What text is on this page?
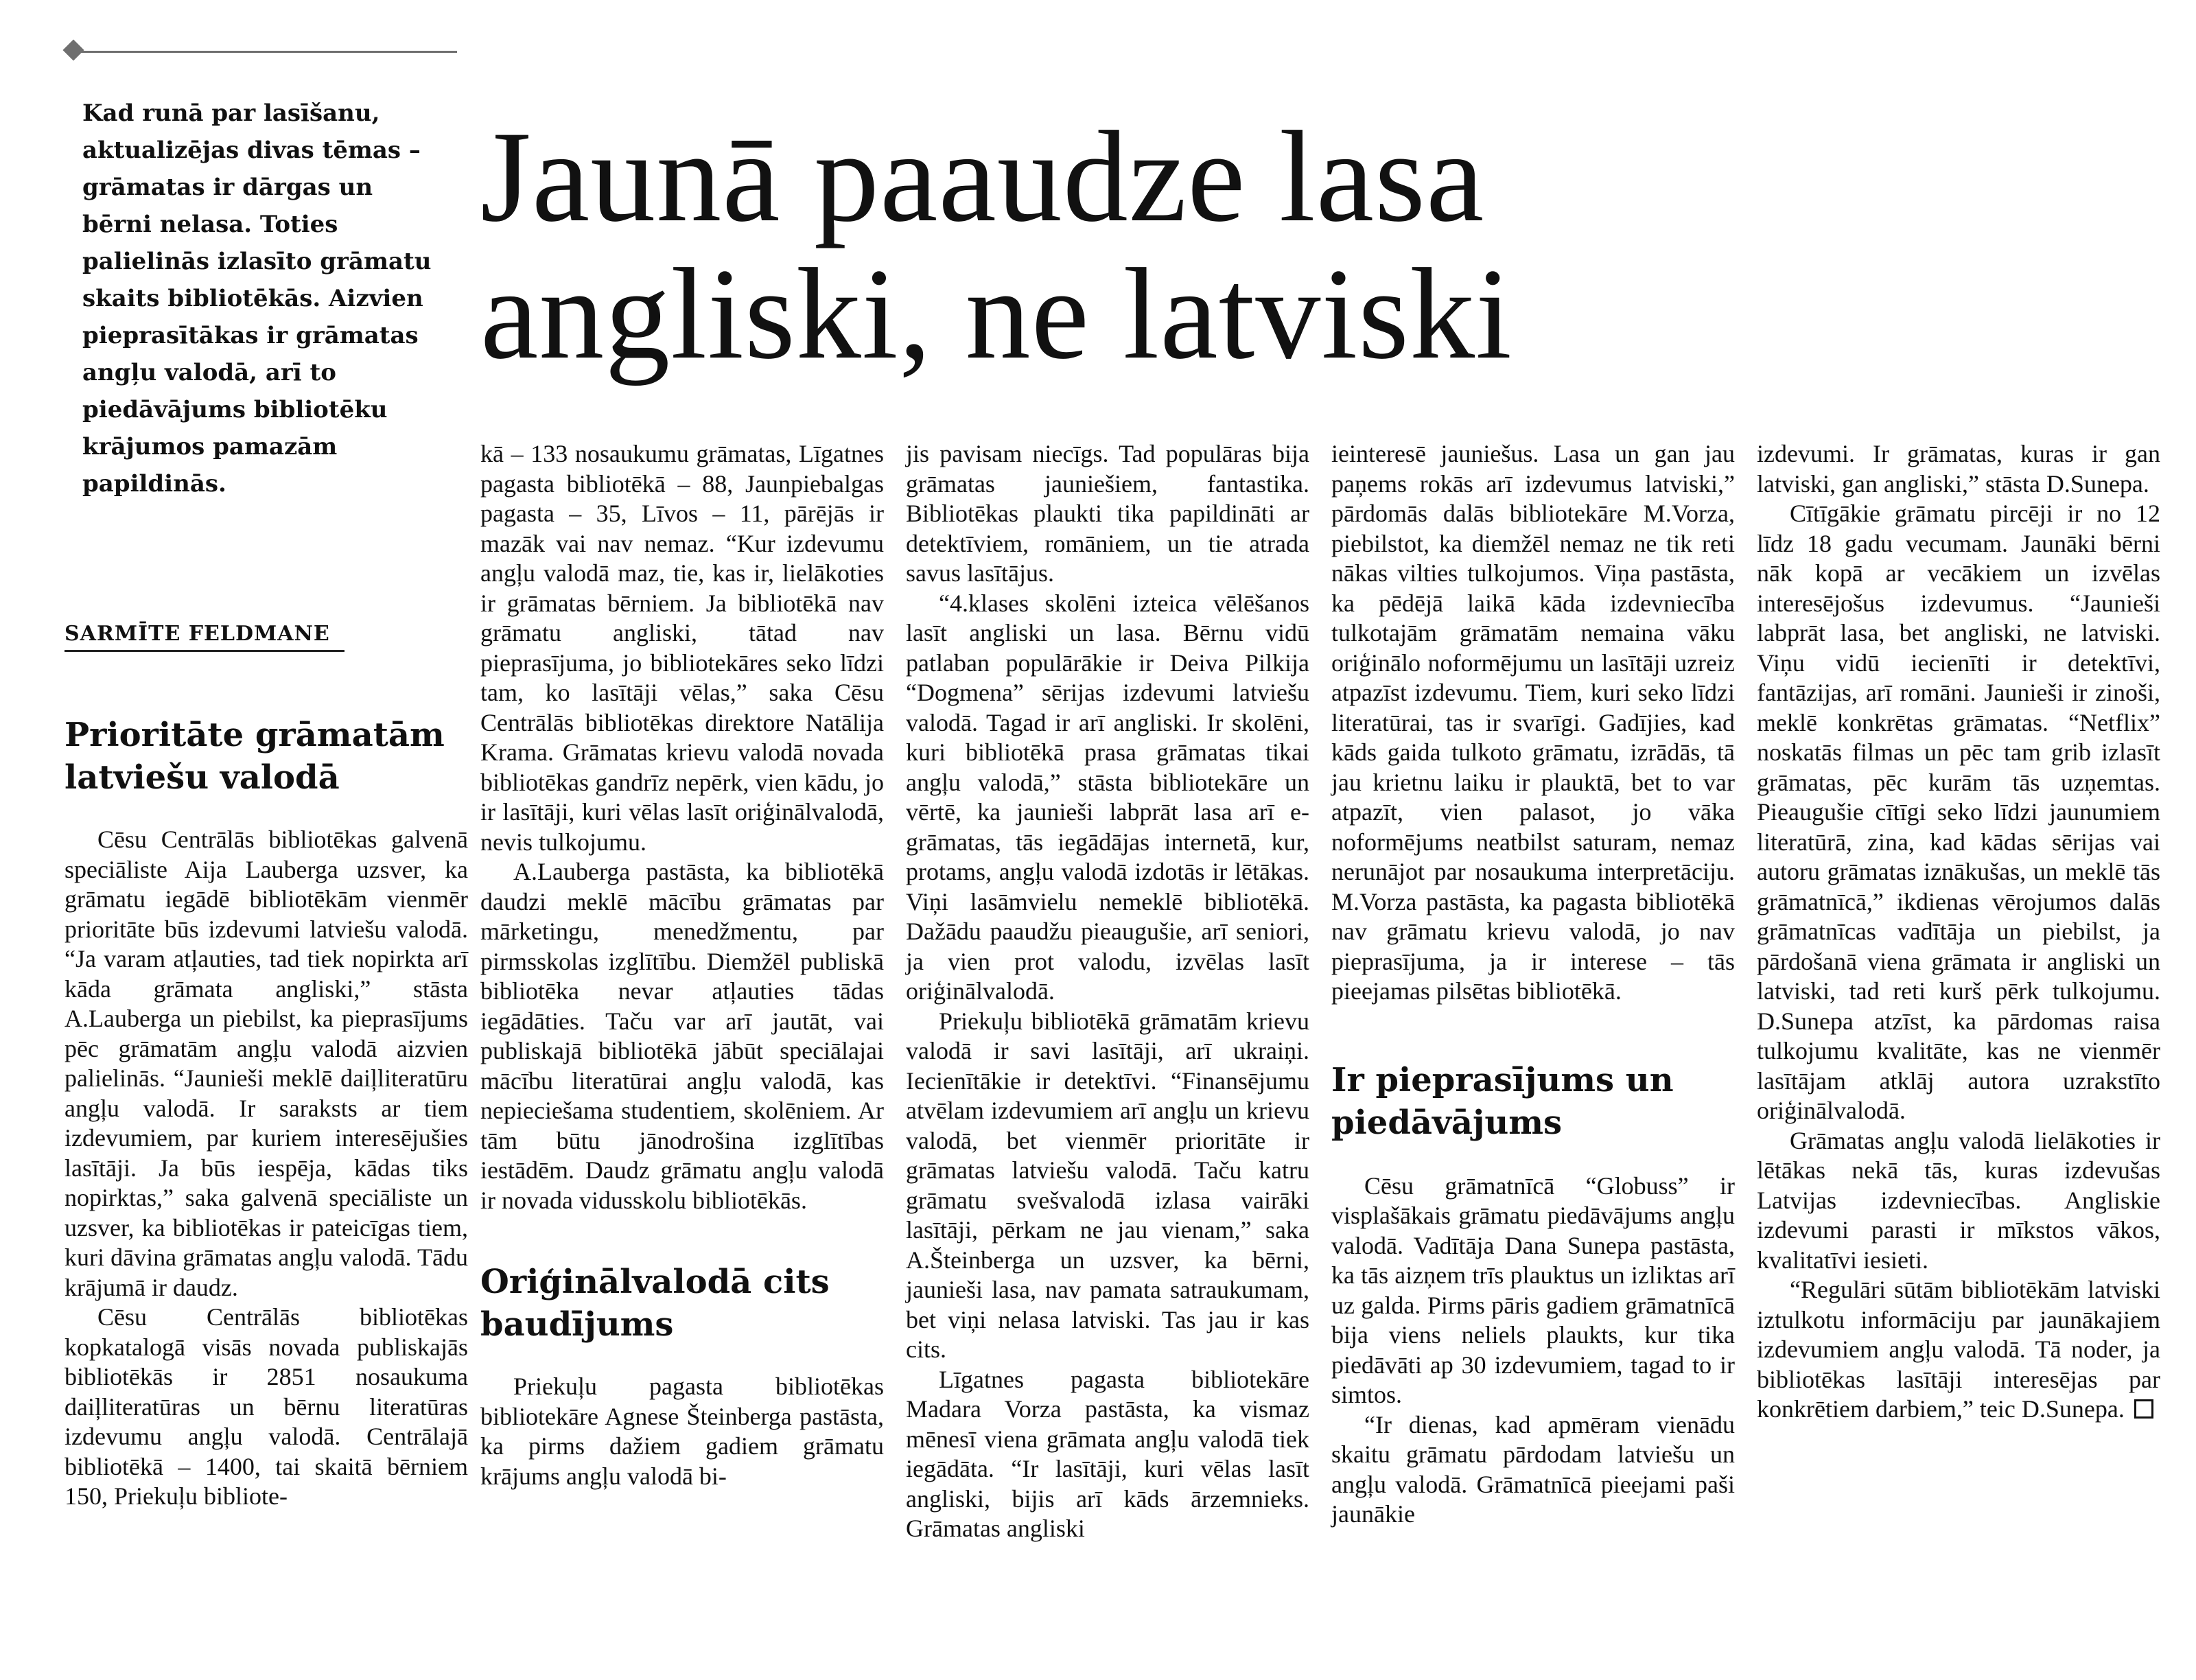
Kad runā par lasīšanu, aktualizējas divas tēmas – grāmatas ir dārgas un bērni nelasa. Toties palielinās izlasīto grāmatu skaits bibliotēkās. Aizvien pieprasītākas ir grāmatas angļu valodā, arī to piedāvājums bibliotēku krājumos pamazām papildinās.

Jaunā paaudze lasa
angliski, ne latviski
SARMĪTE FELDMANE
Prioritāte grāmatām latviešu valodā

Cēsu Centrālās bibliotēkas galvenā speciāliste Aija Lauberga uzsver, ka grāmatu iegādē bibliotēkām vienmēr prioritāte būs izdevumi latviešu valodā. “Ja varam atļauties, tad tiek nopirkta arī kāda grāmata angliski,” stāsta A.Lauberga un piebilst, ka pieprasījums pēc grāmatām angļu valodā aizvien palielinās. “Jaunieši meklē daiļliteratūru angļu valodā. Ir saraksts ar tiem izdevumiem, par kuriem interesējušies lasītāji. Ja būs iespēja, kādas tiks nopirktas,” saka galvenā speciāliste un uzsver, ka bibliotēkas ir pateicīgas tiem, kuri dāvina grāmatas angļu valodā. Tādu krājumā ir daudz.

Cēsu Centrālās bibliotēkas kopkatalogā visās novada publiskajās bibliotēkās ir 2851 nosaukuma daiļliteratūras un bērnu literatūras izdevumu angļu valodā. Centrālajā bibliotēkā – 1400, tai skaitā bērniem 150, Priekuļu bibliote-

kā – 133 nosaukumu grāmatas, Līgatnes pagasta bibliotēkā – 88, Jaunpiebalgas pagasta – 35, Līvos – 11, pārējās ir mazāk vai nav nemaz. “Kur izdevumu angļu valodā maz, tie, kas ir, lielākoties ir grāmatas bērniem. Ja bibliotēkā nav grāmatu angliski, tātad nav pieprasījuma, jo bibliotekāres seko līdzi tam, ko lasītāji vēlas,” saka Cēsu Centrālās bibliotēkas direktore Natālija Krama. Grāmatas krievu valodā novada bibliotēkas gandrīz nepērk, vien kādu, jo ir lasītāji, kuri vēlas lasīt oriģinālvalodā, nevis tulkojumu.

A.Lauberga pastāsta, ka bibliotēkā daudzi meklē mācību grāmatas par mārketingu, menedžmentu, par pirmsskolas izglītību. Diemžēl publiskā bibliotēka nevar atļauties tādas iegādāties. Taču var arī jautāt, vai publiskajā bibliotēkā jābūt speciālajai mācību literatūrai angļu valodā, kas nepieciešama studentiem, skolēniem. Ar tām būtu jānodrošina izglītības iestādēm. Daudz grāmatu angļu valodā ir novada vidusskolu bibliotēkās.

Oriģinālvalodā cits baudījums

Priekuļu pagasta bibliotēkas bibliotekāre Agnese Šteinberga pastāsta, ka pirms dažiem gadiem grāmatu krājums angļu valodā bi-

jis pavisam niecīgs. Tad populāras bija grāmatas jauniešiem, fantastika. Bibliotēkas plaukti tika papildināti ar detektīviem, romāniem, un tie atrada savus lasītājus.

“4.klases skolēni izteica vēlēšanos lasīt angliski un lasa. Bērnu vidū patlaban populārākie ir Deiva Pilkija “Dogmena” sērijas izdevumi latviešu valodā. Tagad ir arī angliski. Ir skolēni, kuri bibliotēkā prasa grāmatas tikai angļu valodā,” stāsta bibliotekāre un vērtē, ka jaunieši labprāt lasa arī e-grāmatas, tās iegādājas internetā, kur, protams, angļu valodā izdotās ir lētākas. Viņi lasāmvielu nemeklē bibliotēkā. Dažādu paaudžu pieaugušie, arī seniori, ja vien prot valodu, izvēlas lasīt oriģinālvalodā.

Priekuļu bibliotēkā grāmatām krievu valodā ir savi lasītāji, arī ukraiņi. Iecienītākie ir detektīvi. “Finansējumu atvēlam izdevumiem arī angļu un krievu valodā, bet vienmēr prioritāte ir grāmatas latviešu valodā. Taču katru grāmatu svešvalodā izlasa vairāki lasītāji, pērkam ne jau vienam,” saka A.Šteinberga un uzsver, ka bērni, jaunieši lasa, nav pamata satraukumam, bet viņi nelasa latviski. Tas jau ir kas cits.

Līgatnes pagasta bibliotekāre Madara Vorza pastāsta, ka vismaz mēnesī viena grāmata angļu valodā tiek iegādāta. “Ir lasītāji, kuri vēlas lasīt angliski, bijis arī kāds ārzemnieks. Grāmatas angliski

ieinteresē jauniešus. Lasa un gan jau paņems rokās arī izdevumus latviski,” pārdomās dalās bibliotekāre M.Vorza, piebilstot, ka diemžēl nemaz ne tik reti nākas vilties tulkojumos. Viņa pastāsta, ka pēdējā laikā kāda izdevniecība tulkotajām grāmatām nemaina vāku oriģinālo noformējumu un lasītāji uzreiz atpazīst izdevumu. Tiem, kuri seko līdzi literatūrai, tas ir svarīgi. Gadījies, kad kāds gaida tulkoto grāmatu, izrādās, tā jau krietnu laiku ir plauktā, bet to var atpazīt, vien palasot, jo vāka noformējums neatbilst saturam, nemaz nerunājot par nosaukuma interpretāciju. M.Vorza pastāsta, ka pagasta bibliotēkā nav grāmatu krievu valodā, jo nav pieprasījuma, ja ir interese – tās pieejamas pilsētas bibliotēkā.

Ir pieprasījums un piedāvājums

Cēsu grāmatnīcā “Globuss” ir visplašākais grāmatu piedāvājums angļu valodā. Vadītāja Dana Sunepa pastāsta, ka tās aizņem trīs plauktus un izliktas arī uz galda. Pirms pāris gadiem grāmatnīcā bija viens neliels plaukts, kur tika piedāvāti ap 30 izdevumiem, tagad to ir simtos.

“Ir dienas, kad apmēram vienādu skaitu grāmatu pārdodam latviešu un angļu valodā. Grāmatnīcā pieejami paši jaunākie

izdevumi. Ir grāmatas, kuras ir gan latviski, gan angliski,” stāsta D.Sunepa.

Cītīgākie grāmatu pircēji ir no 12 līdz 18 gadu vecumam. Jaunāki bērni nāk kopā ar vecākiem un izvēlas interesējošus izdevumus. “Jaunieši labprāt lasa, bet angliski, ne latviski. Viņu vidū iecienīti ir detektīvi, fantāzijas, arī romāni. Jaunieši ir zinoši, meklē konkrētas grāmatas. “Netflix” noskatās filmas un pēc tam grib izlasīt grāmatas, pēc kurām tās uzņemtas. Pieaugušie cītīgi seko līdzi jaunumiem literatūrā, zina, kad kādas sērijas vai autoru grāmatas iznākušas, un meklē tās grāmatnīcā,” ikdienas vērojumos dalās grāmatnīcas vadītāja un piebilst, ja pārdošanā viena grāmata ir angliski un latviski, tad reti kurš pērk tulkojumu. D.Sunepa atzīst, ka pārdomas raisa tulkojumu kvalitāte, kas ne vienmēr lasītājam atklāj autora uzrakstīto oriģinālvalodā.

Grāmatas angļu valodā lielākoties ir lētākas nekā tās, kuras izdevušas Latvijas izdevniecības. Angliskie izdevumi parasti ir mīkstos vākos, kvalitatīvi iesieti.

“Regulāri sūtām bibliotēkām latviski iztulkotu informāciju par jaunākajiem izdevumiem angļu valodā. Tā noder, ja bibliotēkas lasītāji interesējas par konkrētiem darbiem,” teic D.Sunepa.
